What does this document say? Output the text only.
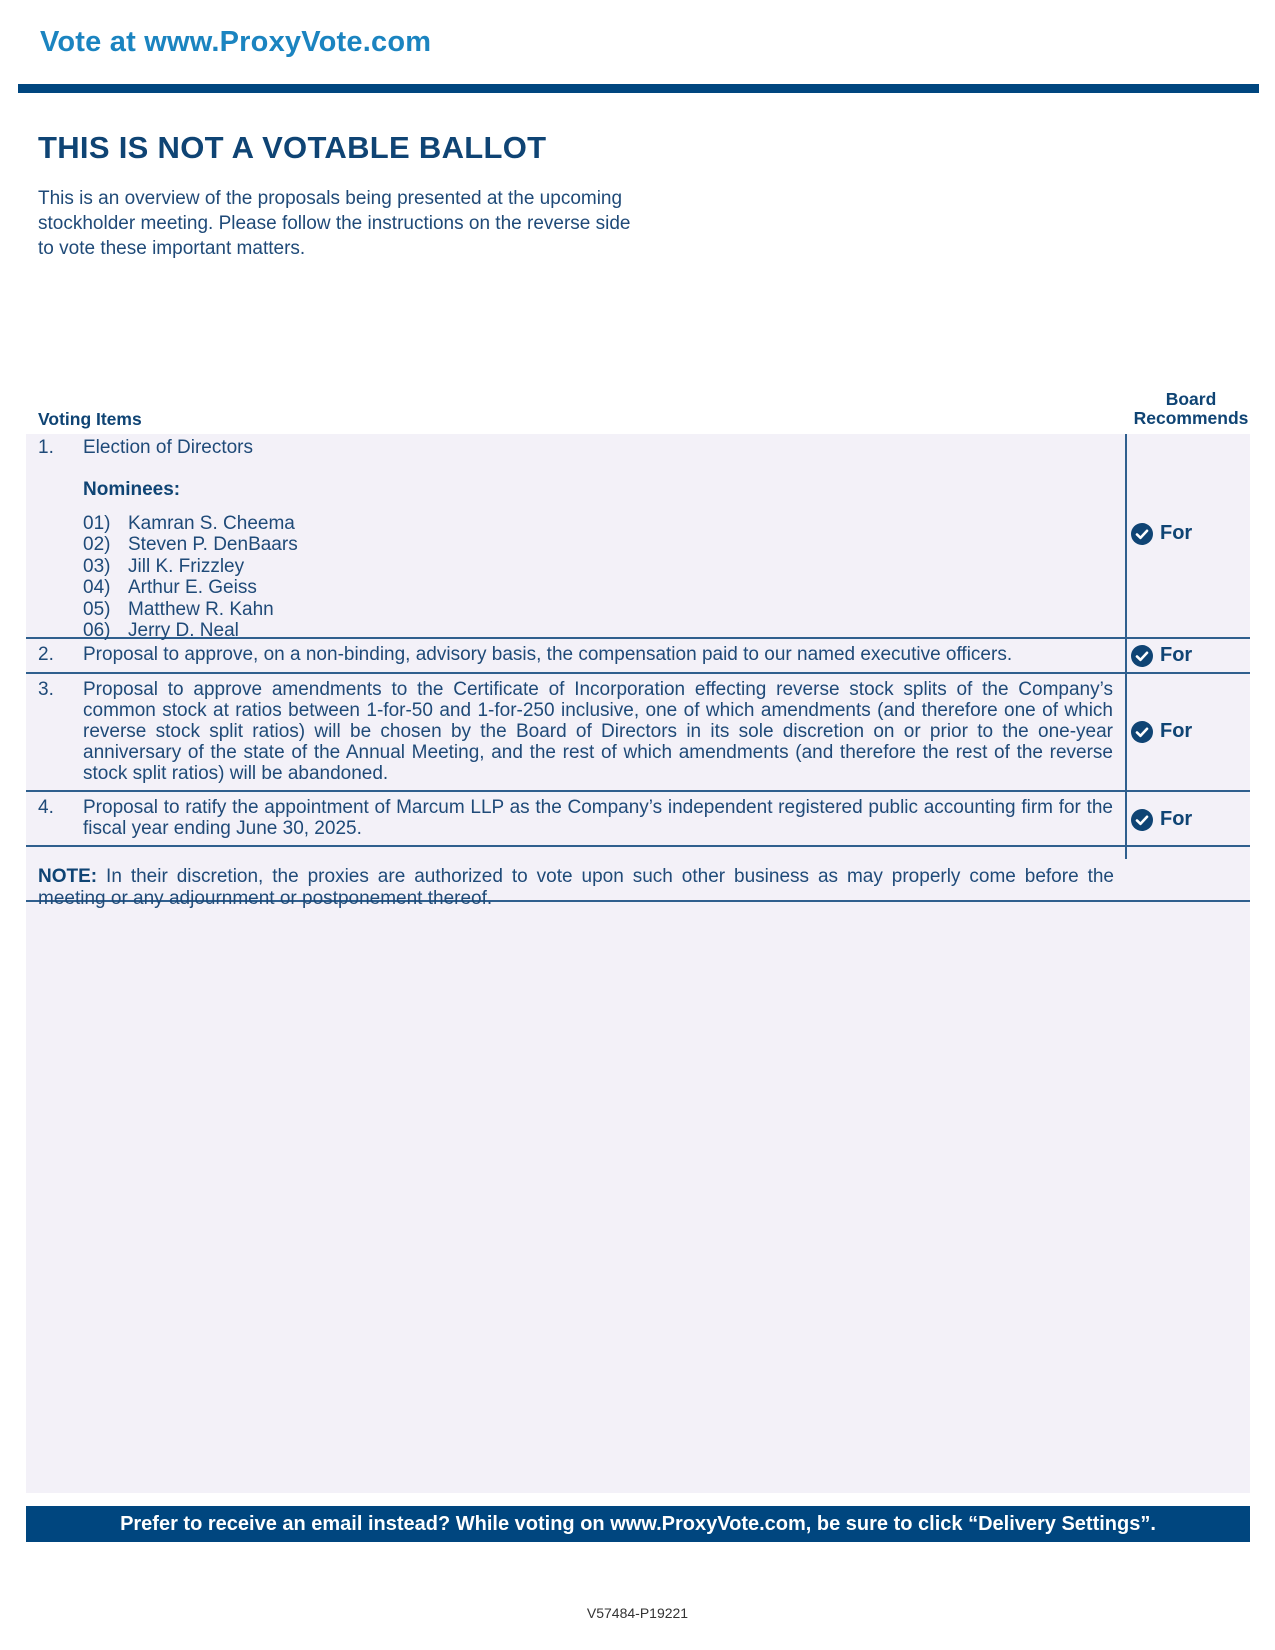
Vote at www.ProxyVote.com
THIS IS NOT A VOTABLE BALLOT
This is an overview of the proposals being presented at the upcoming stockholder meeting. Please follow the instructions on the reverse side to vote these important matters.
Voting Items
Board
Recommends
1. Election of Directors
Nominees:
01) Kamran S. Cheema
02) Steven P. DenBaars
03) Jill K. Frizzley
04) Arthur E. Geiss
05) Matthew R. Kahn
06) Jerry D. Neal
For
2. Proposal to approve, on a non-binding, advisory basis, the compensation paid to our named executive officers.	For
3. Proposal to approve amendments to the Certificate of Incorporation effecting reverse stock splits of the Company’s common stock at ratios between 1-for-50 and 1-for-250 inclusive, one of which amendments (and therefore one of which reverse stock split ratios) will be chosen by the Board of Directors in its sole discretion on or prior to the one-year anniversary of the state of the Annual Meeting, and the rest of which amendments (and therefore the rest of the reverse stock split ratios) will be abandoned.
For
4. Proposal to ratify the appointment of Marcum LLP as the Company’s independent registered public accounting firm for the fiscal year ending June 30, 2025.	For
NOTE: In their discretion, the proxies are authorized to vote upon such other business as may properly come before the meeting or any adjournment or postponement thereof.
Prefer to receive an email instead? While voting on www.ProxyVote.com, be sure to click “Delivery Settings”.
V57484-P19221
